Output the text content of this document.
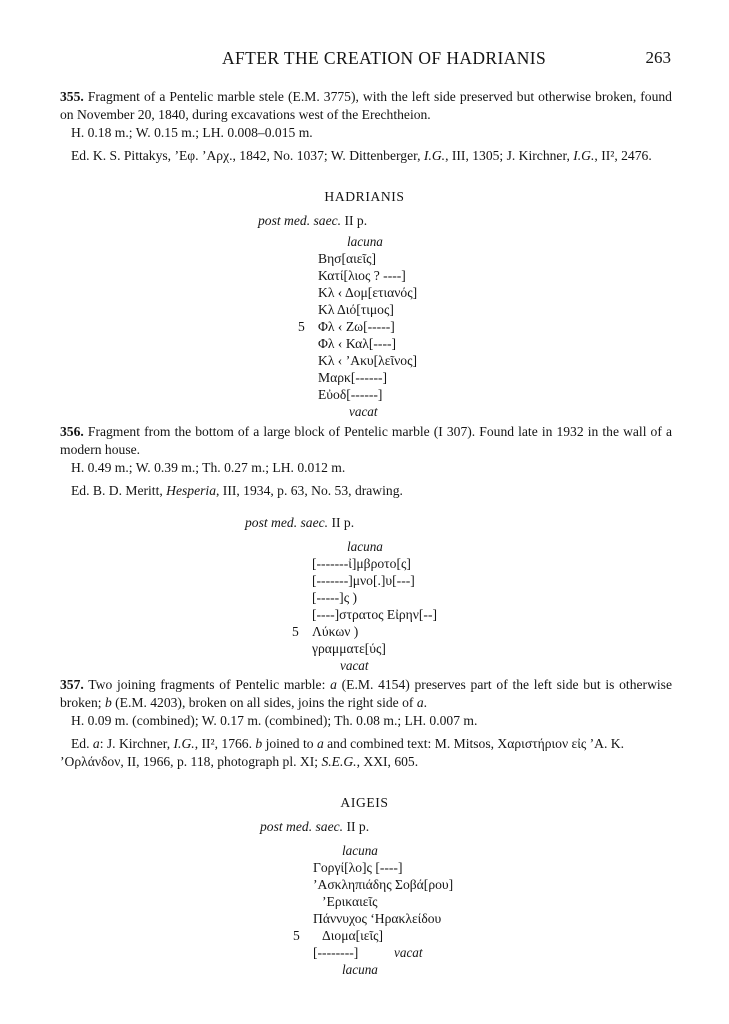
AFTER THE CREATION OF HADRIANIS	263
355. Fragment of a Pentelic marble stele (E.M. 3775), with the left side preserved but otherwise broken, found on November 20, 1840, during excavations west of the Erechtheion.
H. 0.18 m.; W. 0.15 m.; LH. 0.008–0.015 m.
Ed. K. S. Pittakys, ’Εφ. ’Αρχ., 1842, No. 1037; W. Dittenberger, I.G., III, 1305; J. Kirchner, I.G., II², 2476.
HADRIANIS
post med. saec. II p.
lacuna
Βησ[αιεῖς]
Κατί[λιος ? ----]
Κλ ‹ Δομ[ετιανός]
Κλ Διό[τιμος]
5 Φλ ‹ Ζω[-----]
Φλ ‹ Καλ[----]
Κλ ‹ ’Ακυ[λεῖνος]
Μαρκ[------]
Εὐοδ[------]
vacat
356. Fragment from the bottom of a large block of Pentelic marble (I 307). Found late in 1932 in the wall of a modern house.
H. 0.49 m.; W. 0.39 m.; Th. 0.27 m.; LH. 0.012 m.
Ed. B. D. Meritt, Hesperia, III, 1934, p. 63, No. 53, drawing.
post med. saec. II p.
lacuna
[-------ἰ]μβροτο[ς]
[-------]μνο[.]υ[---]
[-----]ς )
[----]στρατος Εἰρην[--]
5 Λύκων )
γραμματε[ύς]
vacat
357. Two joining fragments of Pentelic marble: a (E.M. 4154) preserves part of the left side but is otherwise broken; b (E.M. 4203), broken on all sides, joins the right side of a.
H. 0.09 m. (combined); W. 0.17 m. (combined); Th. 0.08 m.; LH. 0.007 m.
Ed. a: J. Kirchner, I.G., II², 1766. b joined to a and combined text: M. Mitsos, Χαριστήριον εἰς ’Α. Κ.
’Ορλάνδον, II, 1966, p. 118, photograph pl. XI; S.E.G., XXI, 605.
AIGEIS
post med. saec. II p.
lacuna
Γοργί[λο]ς [----]
’Ασκληπιάδης Σοβά[ρου]
’Ερικαιεῖς
Πάννυχος ‘Ηρακλείδου
5 Διομα[ιεῖς]
[--------]	vacat
lacuna
